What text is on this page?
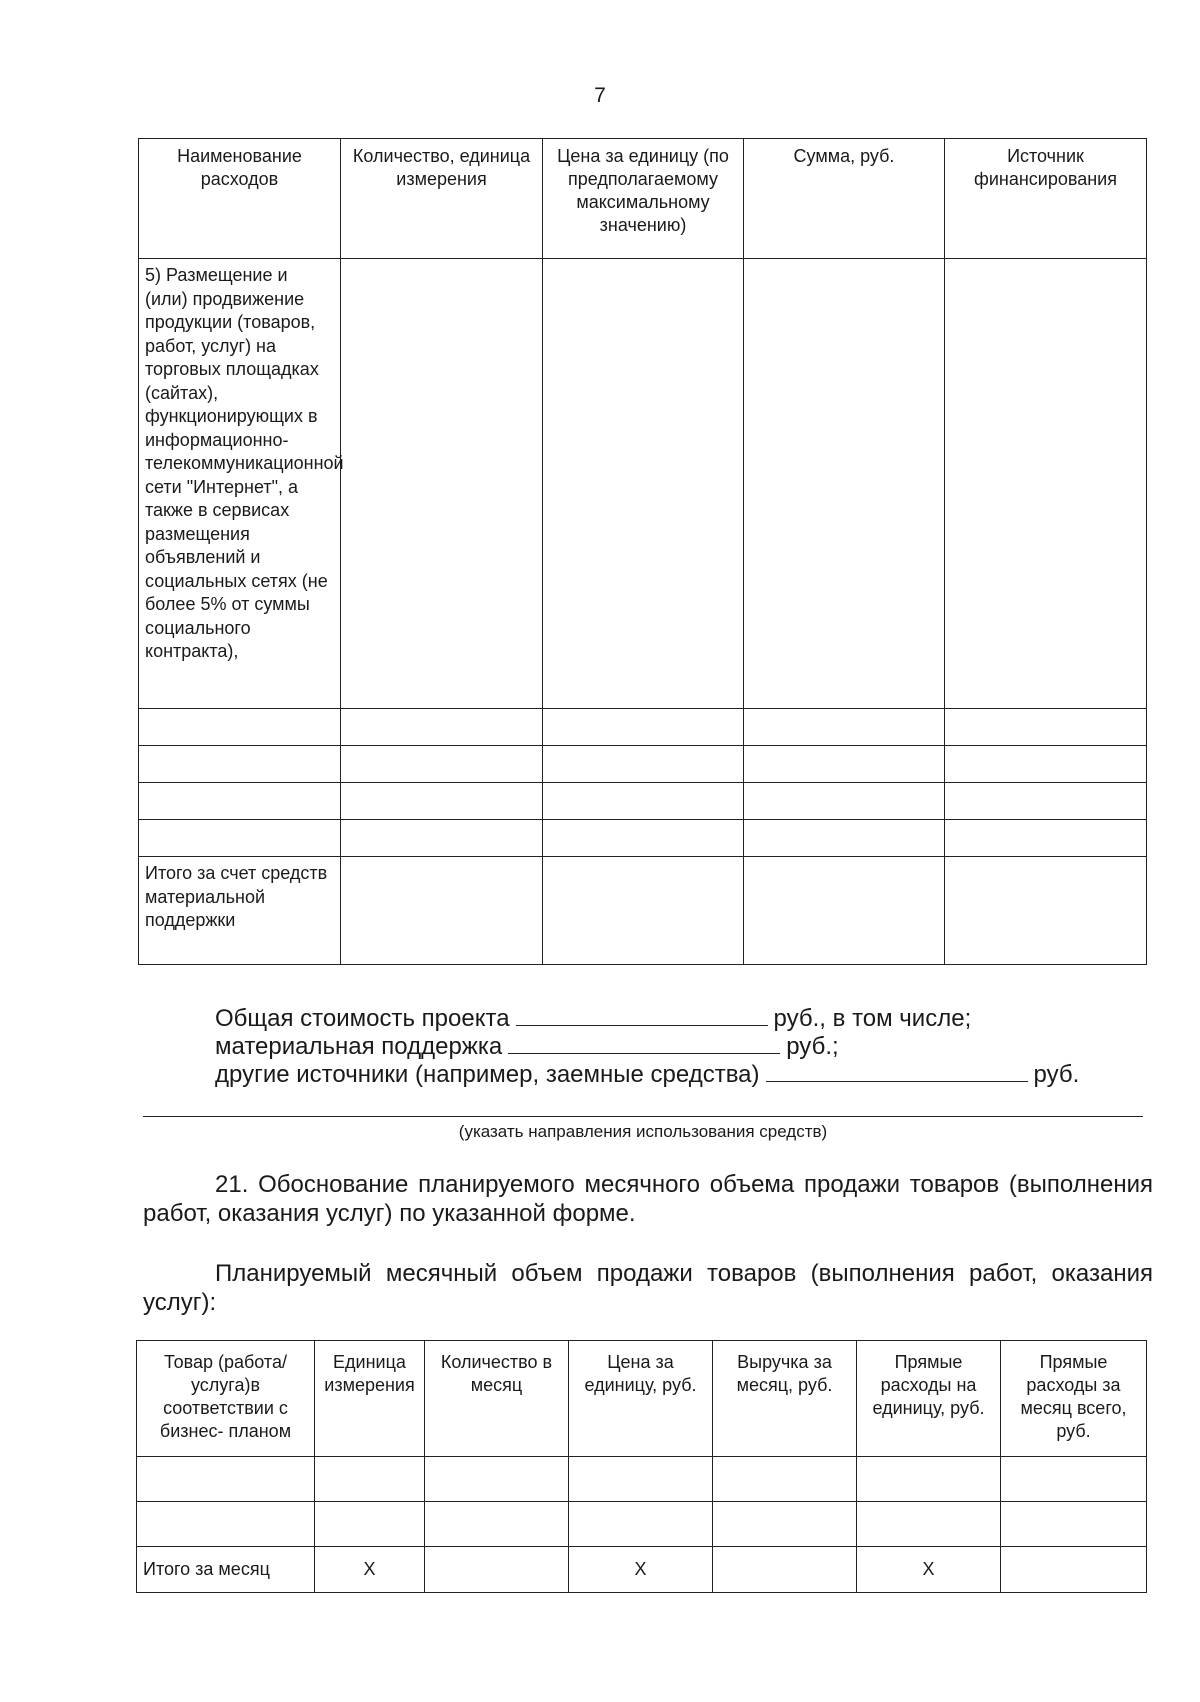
7
Наименование расходов	Количество, единица измерения	Цена за единицу (по предполагаемому максимальному значению)	Сумма, руб.	Источник финансирования
5) Размещение и (или) продвижение продукции (товаров, работ, услуг) на торговых площадках (сайтах), функционирующих в информационно-телекоммуникационной сети "Интернет", а также в сервисах размещения объявлений и социальных сетях (не более 5% от суммы социального контракта),				

Итого за счет средств материальной поддержки				
Общая стоимость проекта	руб., в том числе;
материальная поддержка	руб.;
другие источники (например, заемные средства)	руб.
(указать направления использования средств)
21. Обоснование планируемого месячного объема продажи товаров (выполнения работ, оказания услуг) по указанной форме.
Планируемый месячный объем продажи товаров (выполнения работ, оказания услуг):
Товар (работа/услуга)в соответствии с бизнес- планом	Единица измерения	Количество в месяц	Цена за единицу, руб.	Выручка за месяц, руб.	Прямые расходы на единицу, руб.	Прямые расходы за месяц всего, руб.

Итого за месяц	X		X		X	
